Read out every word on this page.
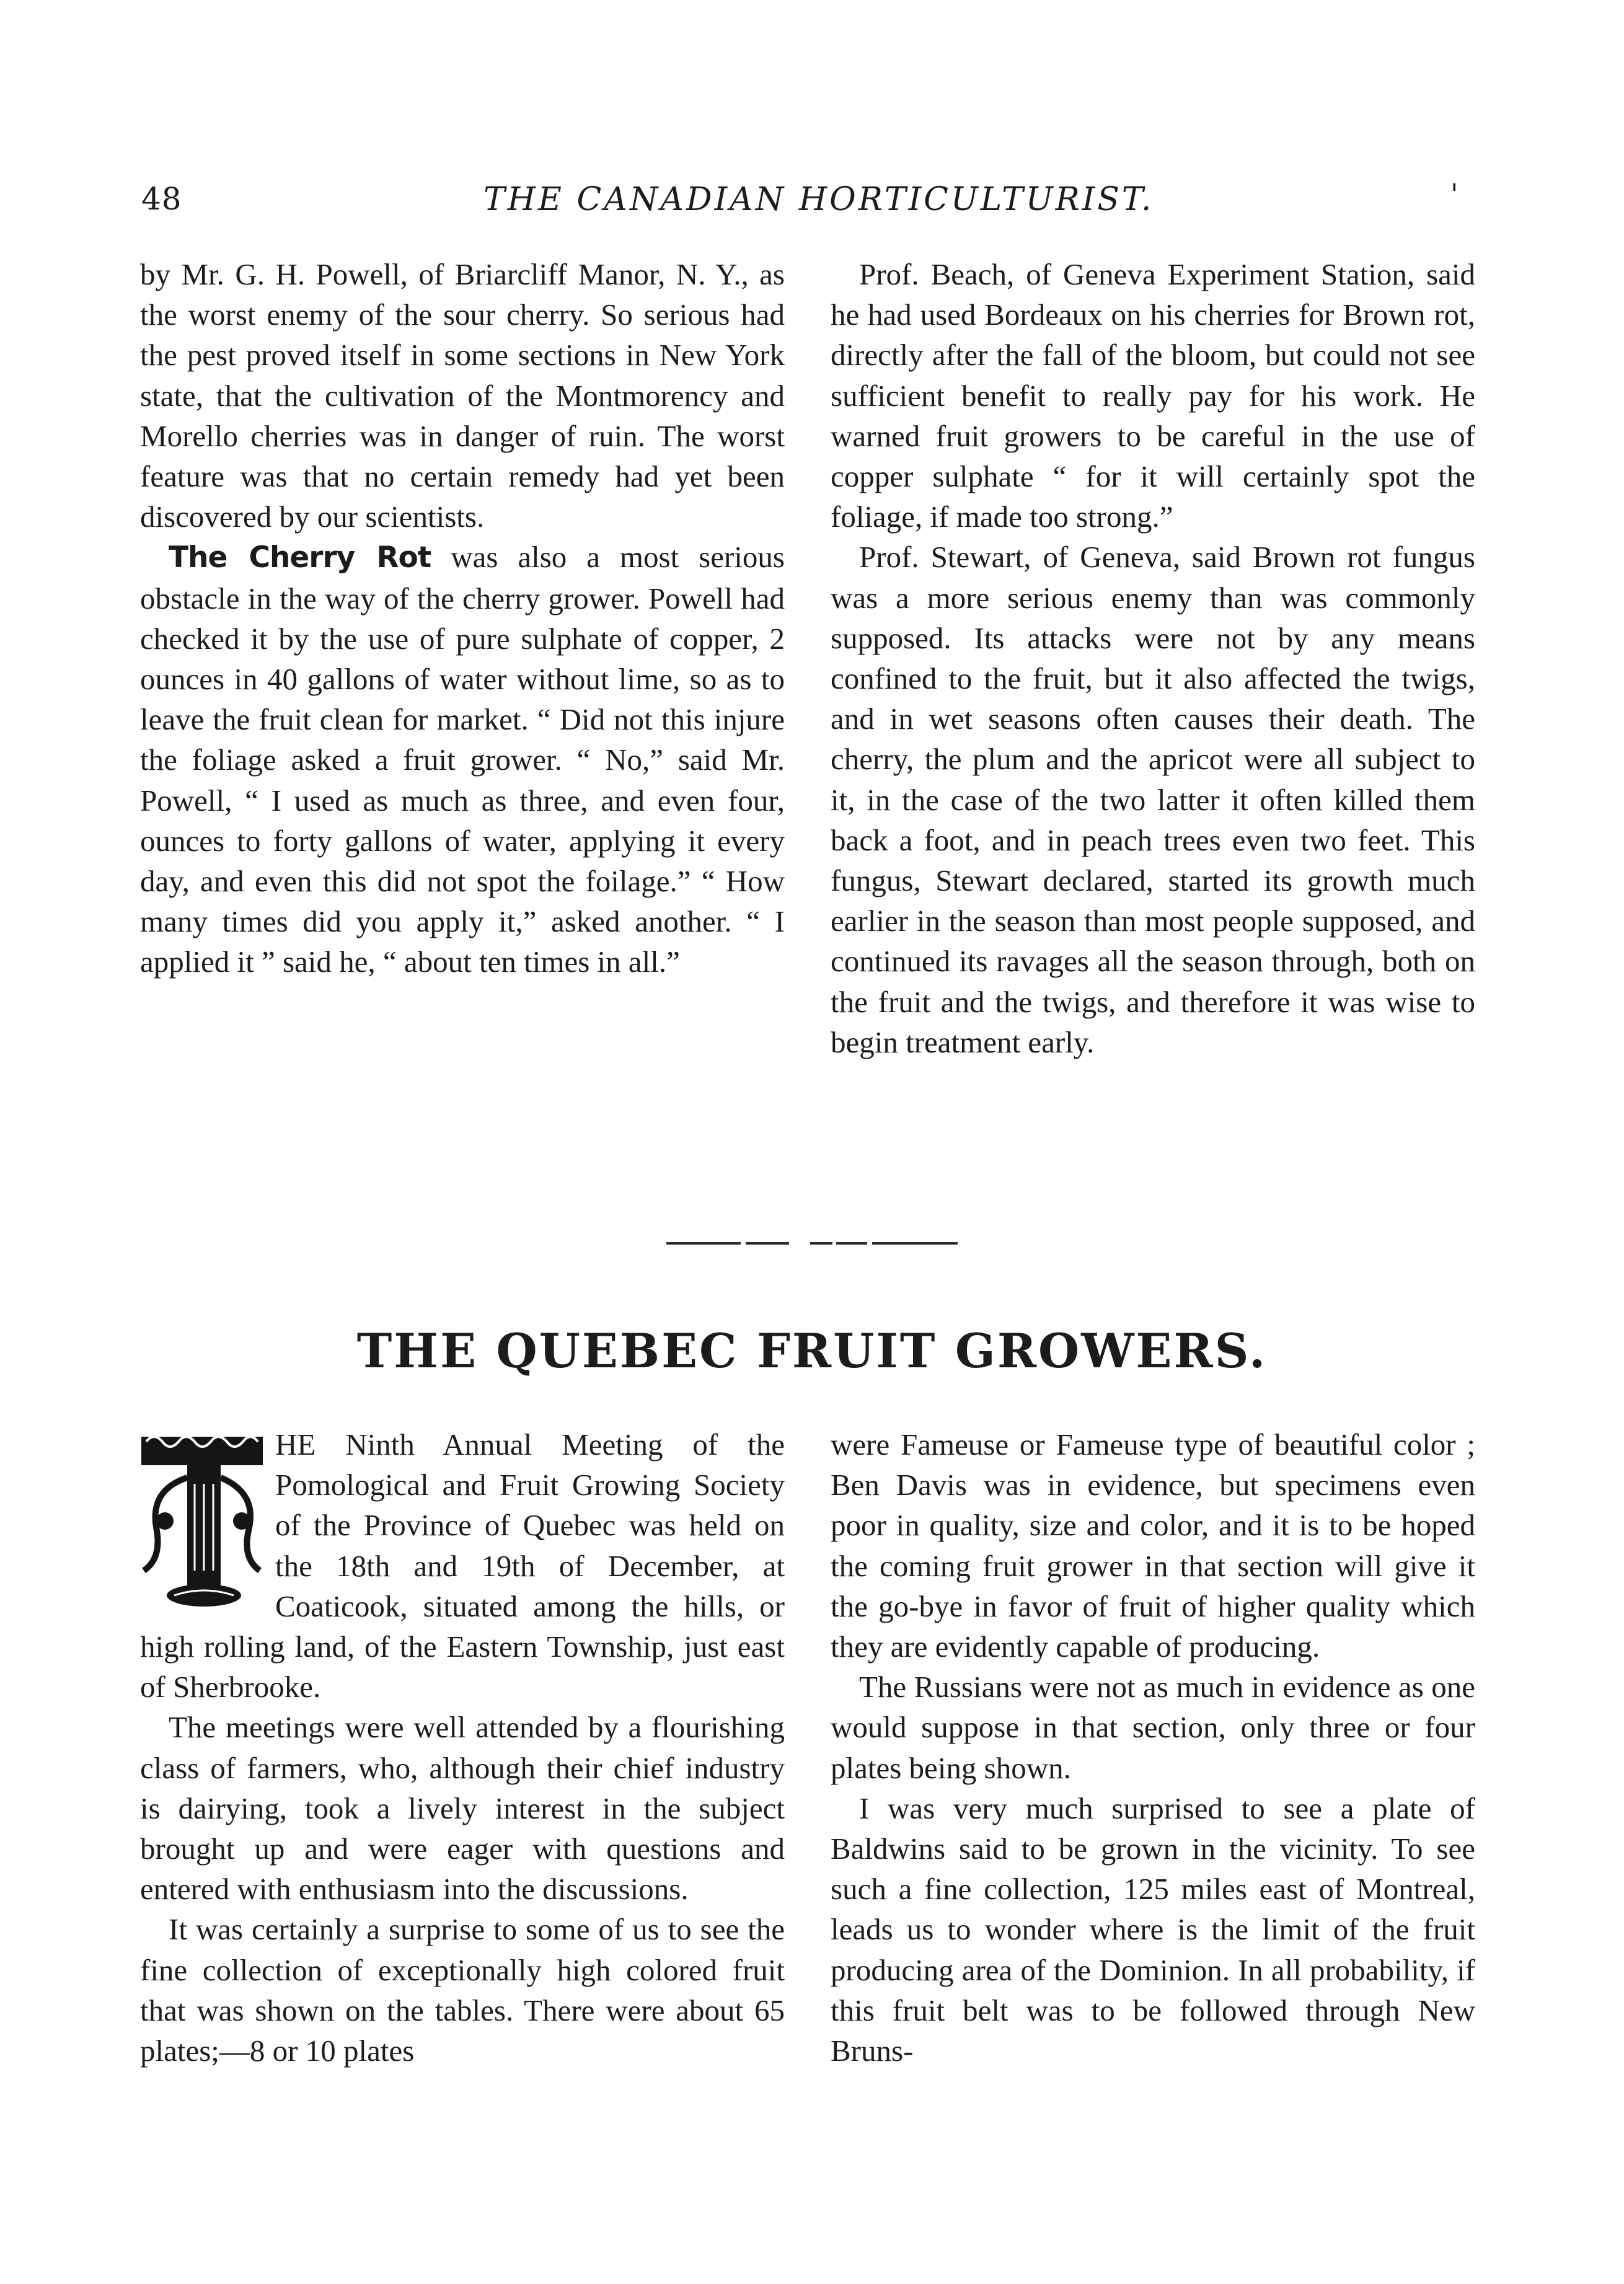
48	THE CANADIAN HORTICULTURIST.	'

by Mr. G. H. Powell, of Briarcliff Manor, N. Y., as the worst enemy of the sour cherry. So serious had the pest proved itself in some sections in New York state, that the cultivation of the Montmorency and Morello cherries was in danger of ruin. The worst feature was that no certain remedy had yet been discovered by our scientists.

The Cherry Rot was also a most serious obstacle in the way of the cherry grower. Powell had checked it by the use of pure sulphate of copper, 2 ounces in 40 gallons of water without lime, so as to leave the fruit clean for market. “ Did not this injure the foliage asked a fruit grower. “ No,” said Mr. Powell, “ I used as much as three, and even four, ounces to forty gallons of water, applying it every day, and even this did not spot the foilage.” “ How many times did you apply it,” asked another. “ I applied it ” said he, “ about ten times in all.”

Prof. Beach, of Geneva Experiment Station, said he had used Bordeaux on his cherries for Brown rot, directly after the fall of the bloom, but could not see sufficient benefit to really pay for his work. He warned fruit growers to be careful in the use of copper sulphate “ for it will certainly spot the foliage, if made too strong.”

Prof. Stewart, of Geneva, said Brown rot fungus was a more serious enemy than was commonly supposed. Its attacks were not by any means confined to the fruit, but it also affected the twigs, and in wet seasons often causes their death. The cherry, the plum and the apricot were all subject to it, in the case of the two latter it often killed them back a foot, and in peach trees even two feet. This fungus, Stewart declared, started its growth much earlier in the season than most people supposed, and continued its ravages all the season through, both on the fruit and the twigs, and therefore it was wise to begin treatment early.

THE QUEBEC FRUIT GROWERS.

HE Ninth Annual Meeting of the Pomological and Fruit Growing Society of the Province of Quebec was held on the 18th and 19th of December, at Coaticook, situated among the hills, or high rolling land, of the Eastern Township, just east of Sherbrooke.

The meetings were well attended by a flourishing class of farmers, who, although their chief industry is dairying, took a lively interest in the subject brought up and were eager with questions and entered with enthusiasm into the discussions.

It was certainly a surprise to some of us to see the fine collection of exceptionally high colored fruit that was shown on the tables. There were about 65 plates;—8 or 10 plates

were Fameuse or Fameuse type of beautiful color ; Ben Davis was in evidence, but specimens even poor in quality, size and color, and it is to be hoped the coming fruit grower in that section will give it the go-bye in favor of fruit of higher quality which they are evidently capable of producing.

The Russians were not as much in evidence as one would suppose in that section, only three or four plates being shown.

I was very much surprised to see a plate of Baldwins said to be grown in the vicinity. To see such a fine collection, 125 miles east of Montreal, leads us to wonder where is the limit of the fruit producing area of the Dominion. In all probability, if this fruit belt was to be followed through New Bruns-
